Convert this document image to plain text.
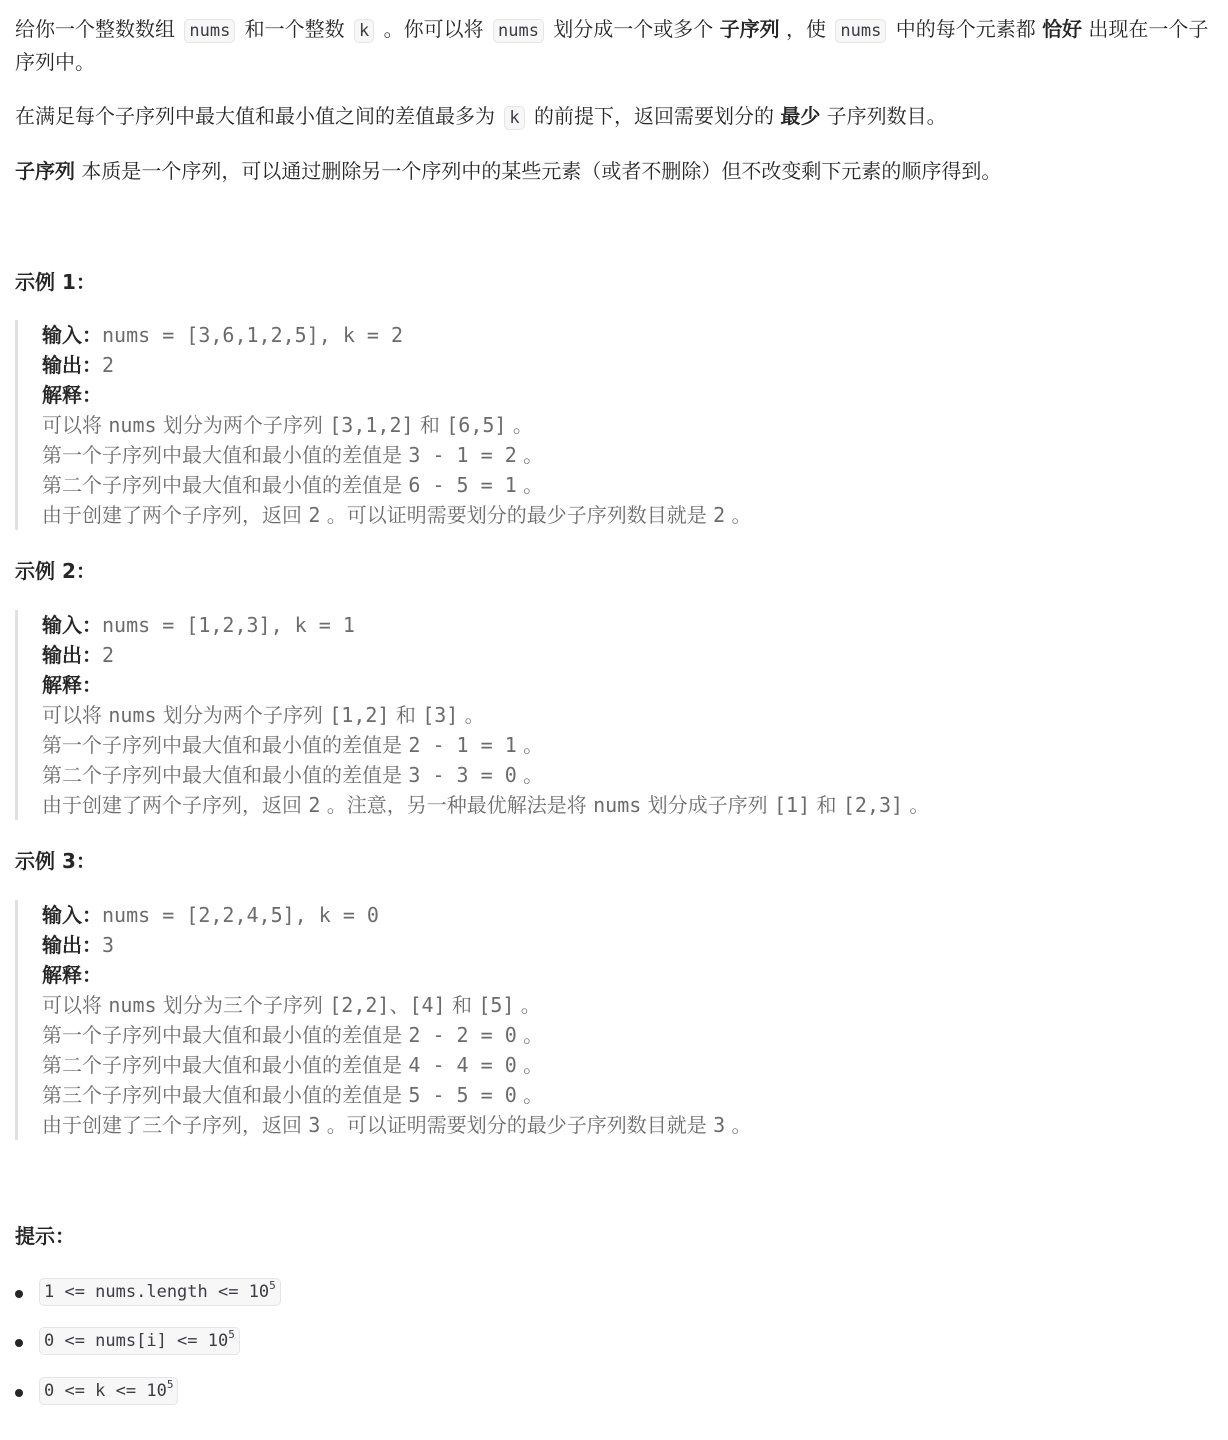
给你一个整数数组 nums 和一个整数 k 。你可以将 nums 划分成一个或多个 子序列 ，使 nums 中的每个元素都 恰好 出现在一个子序列中。

在满足每个子序列中最大值和最小值之间的差值最多为 k 的前提下，返回需要划分的 最少 子序列数目。

子序列 本质是一个序列，可以通过删除另一个序列中的某些元素（或者不删除）但不改变剩下元素的顺序得到。

示例 1：
输入：nums = [3,6,1,2,5], k = 2
输出：2
解释：
可以将 nums 划分为两个子序列 [3,1,2] 和 [6,5] 。
第一个子序列中最大值和最小值的差值是 3 - 1 = 2 。
第二个子序列中最大值和最小值的差值是 6 - 5 = 1 。
由于创建了两个子序列，返回 2 。可以证明需要划分的最少子序列数目就是 2 。
示例 2：
输入：nums = [1,2,3], k = 1
输出：2
解释：
可以将 nums 划分为两个子序列 [1,2] 和 [3] 。
第一个子序列中最大值和最小值的差值是 2 - 1 = 1 。
第二个子序列中最大值和最小值的差值是 3 - 3 = 0 。
由于创建了两个子序列，返回 2 。注意，另一种最优解法是将 nums 划分成子序列 [1] 和 [2,3] 。
示例 3：
输入：nums = [2,2,4,5], k = 0
输出：3
解释：
可以将 nums 划分为三个子序列 [2,2]、[4] 和 [5] 。
第一个子序列中最大值和最小值的差值是 2 - 2 = 0 。
第二个子序列中最大值和最小值的差值是 4 - 4 = 0 。
第三个子序列中最大值和最小值的差值是 5 - 5 = 0 。
由于创建了三个子序列，返回 3 。可以证明需要划分的最少子序列数目就是 3 。
提示：
1 <= nums.length <= $10^5$
0 <= nums[i] <= $10^5$
$0 <= k <= 10^5$
